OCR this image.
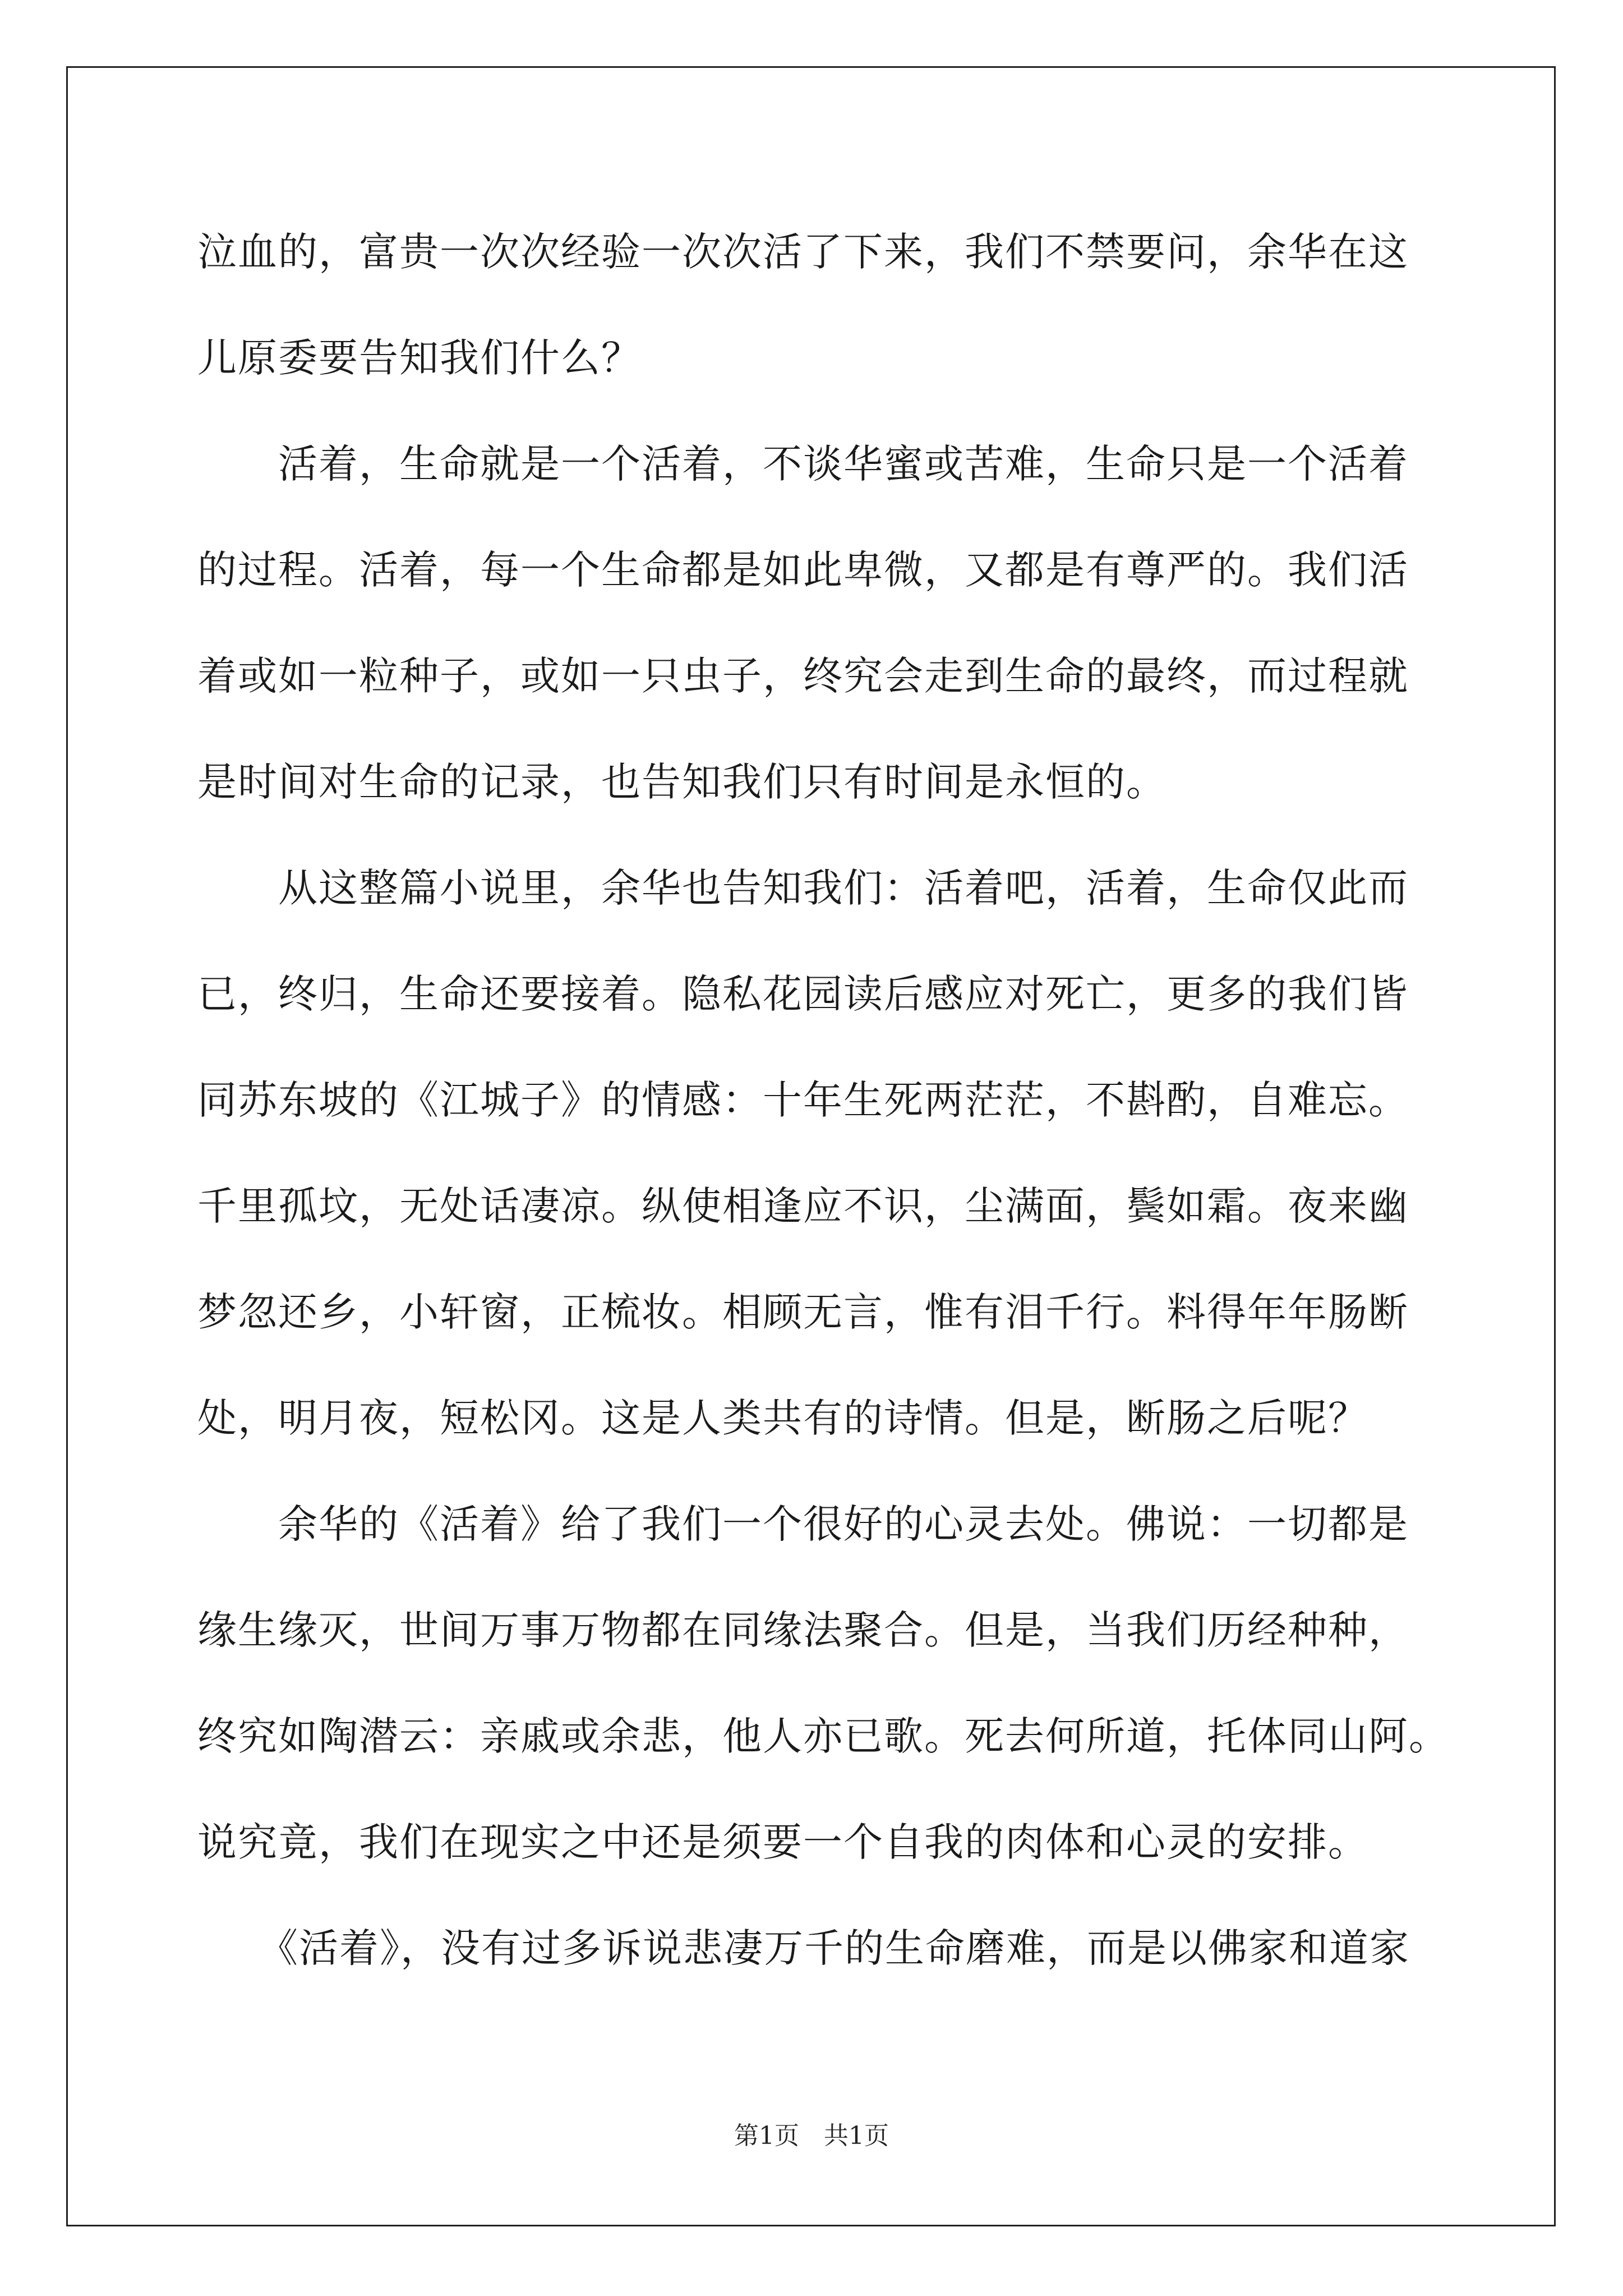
泣血的，富贵一次次经验一次次活了下来，我们不禁要问，余华在这
儿原委要告知我们什么？
　　活着，生命就是一个活着，不谈华蜜或苦难，生命只是一个活着
的过程。活着，每一个生命都是如此卑微，又都是有尊严的。我们活
着或如一粒种子，或如一只虫子，终究会走到生命的最终，而过程就
是时间对生命的记录，也告知我们只有时间是永恒的。
　　从这整篇小说里，余华也告知我们：活着吧，活着，生命仅此而
已，终归，生命还要接着。隐私花园读后感应对死亡，更多的我们皆
同苏东坡的《江城子》的情感：十年生死两茫茫，不斟酌，自难忘。
千里孤坟，无处话凄凉。纵使相逢应不识，尘满面，鬓如霜。夜来幽
梦忽还乡，小轩窗，正梳妆。相顾无言，惟有泪千行。料得年年肠断
处，明月夜，短松冈。这是人类共有的诗情。但是，断肠之后呢？
　　余华的《活着》给了我们一个很好的心灵去处。佛说：一切都是
缘生缘灭，世间万事万物都在同缘法聚合。但是，当我们历经种种，
终究如陶潜云：亲戚或余悲，他人亦已歌。死去何所道，托体同山阿。
说究竟，我们在现实之中还是须要一个自我的肉体和心灵的安排。
　　《活着》，没有过多诉说悲凄万千的生命磨难，而是以佛家和道家
第1页　共1页
